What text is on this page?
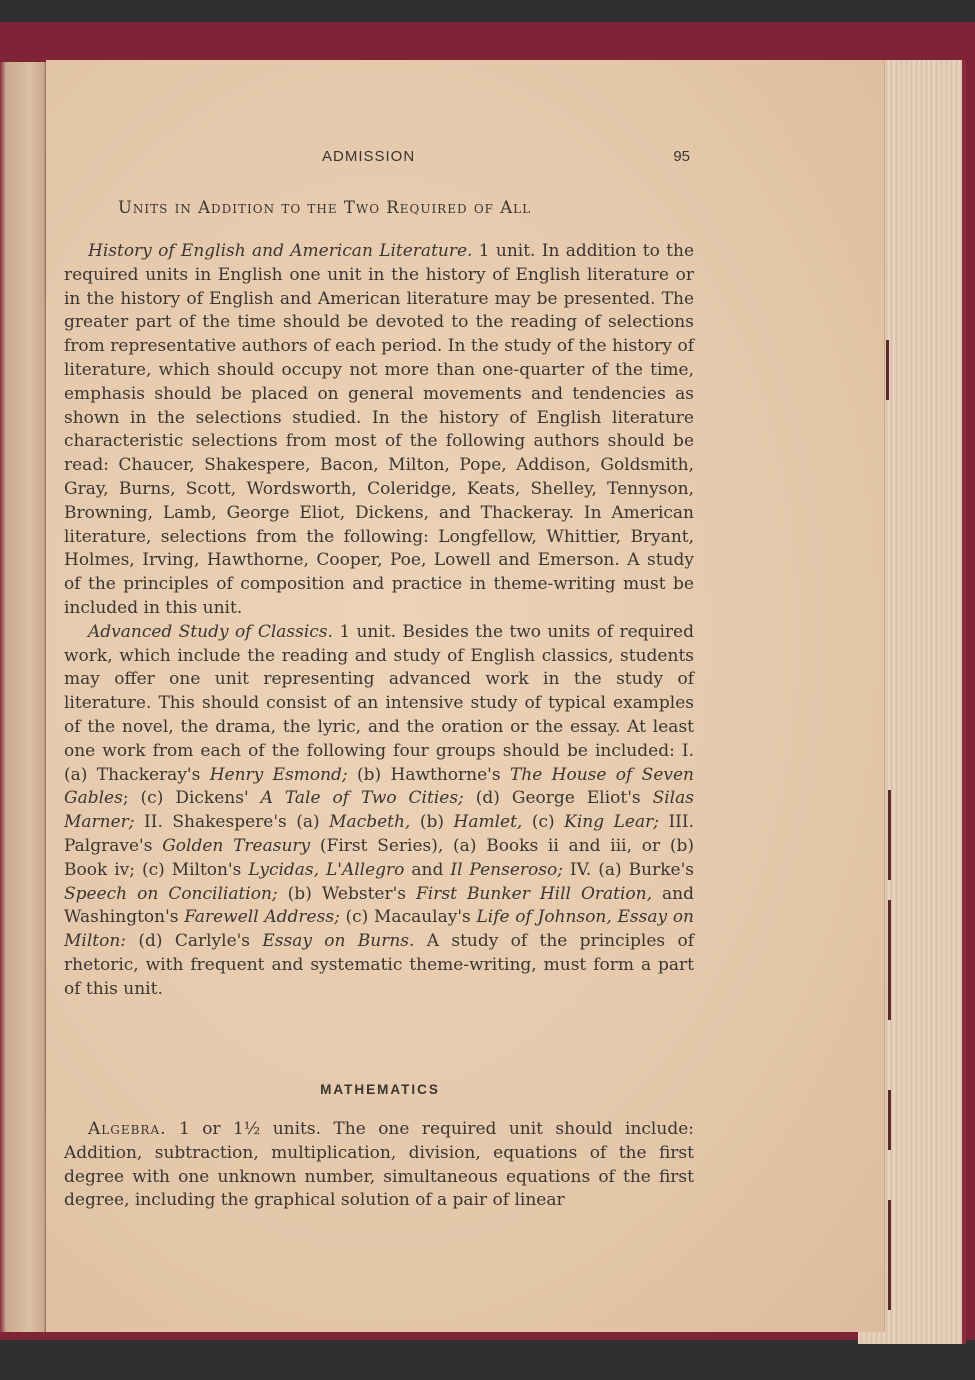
ADMISSION	95
Units in Addition to the Two Required of All

History of English and American Literature. 1 unit. In addition to the required units in English one unit in the history of English literature or in the history of English and American literature may be presented. The greater part of the time should be devoted to the reading of selections from representative authors of each period. In the study of the history of literature, which should occupy not more than one-quarter of the time, emphasis should be placed on general movements and tendencies as shown in the selections studied. In the history of English literature characteristic selections from most of the following authors should be read: Chaucer, Shakespere, Bacon, Milton, Pope, Addison, Goldsmith, Gray, Burns, Scott, Wordsworth, Coleridge, Keats, Shelley, Tennyson, Browning, Lamb, George Eliot, Dickens, and Thackeray. In American literature, selections from the following: Longfellow, Whittier, Bryant, Holmes, Irving, Hawthorne, Cooper, Poe, Lowell and Emerson. A study of the principles of composition and practice in theme-writing must be included in this unit.

Advanced Study of Classics. 1 unit. Besides the two units of required work, which include the reading and study of English classics, students may offer one unit representing advanced work in the study of literature. This should consist of an intensive study of typical examples of the novel, the drama, the lyric, and the oration or the essay. At least one work from each of the following four groups should be included: I. (a) Thackeray's Henry Esmond; (b) Hawthorne's The House of Seven Gables; (c) Dickens' A Tale of Two Cities; (d) George Eliot's Silas Marner; II. Shakespere's (a) Macbeth, (b) Hamlet, (c) King Lear; III. Palgrave's Golden Treasury (First Series), (a) Books ii and iii, or (b) Book iv; (c) Milton's Lycidas, L'Allegro and Il Penseroso; IV. (a) Burke's Speech on Conciliation; (b) Webster's First Bunker Hill Oration, and Washington's Farewell Address; (c) Macaulay's Life of Johnson, Essay on Milton: (d) Carlyle's Essay on Burns. A study of the principles of rhetoric, with frequent and systematic theme-writing, must form a part of this unit.

MATHEMATICS

Algebra. 1 or 1½ units. The one required unit should include: Addition, subtraction, multiplication, division, equations of the first degree with one unknown number, simultaneous equations of the first degree, including the graphical solution of a pair of linear
